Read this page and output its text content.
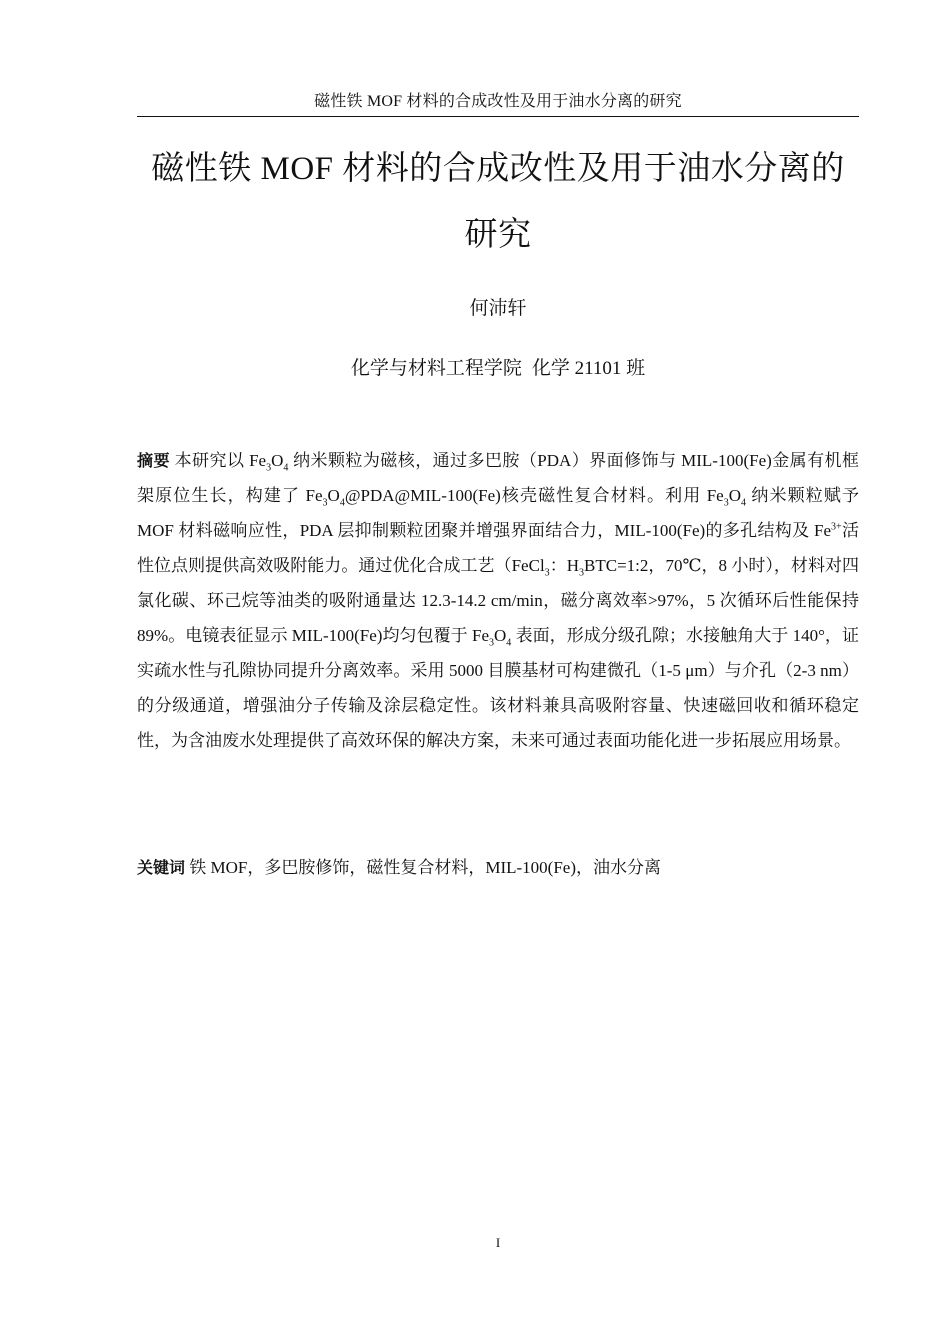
磁性铁 MOF 材料的合成改性及用于油水分离的研究
磁性铁 MOF 材料的合成改性及用于油水分离的
研究
何沛轩
化学与材料工程学院 化学 21101 班

摘要 本研究以 $Fe_3O_4$ 纳米颗粒为磁核，通过多巴胺（PDA）界面修饰与 MIL-100(Fe)金属有机框架原位生长，构建了 $Fe_3O_4@PDA@MIL-100(Fe)$核壳磁性复合材料。利用 $Fe_3O_4$ 纳米颗粒赋予 MOF 材料磁响应性，PDA 层抑制颗粒团聚并增强界面结合力，MIL-100(Fe)的多孔结构及 $Fe^{3+}$活性位点则提供高效吸附能力。通过优化合成工艺（FeCl$_3$：$H_3BTC=1:2$，70℃，8 小时），材料对四氯化碳、环己烷等油类的吸附通量达 12.3-14.2 cm/min，磁分离效率>97%，5 次循环后性能保持 89%。电镜表征显示 MIL-100(Fe)均匀包覆于 $Fe_3O_4$ 表面，形成分级孔隙；水接触角大于 140°，证实疏水性与孔隙协同提升分离效率。采用 5000 目膜基材可构建微孔（1-5 μm）与介孔（2-3 nm）的分级通道，增强油分子传输及涂层稳定性。该材料兼具高吸附容量、快速磁回收和循环稳定性，为含油废水处理提供了高效环保的解决方案，未来可通过表面功能化进一步拓展应用场景。

关键词 铁 MOF，多巴胺修饰，磁性复合材料，MIL-100(Fe)，油水分离

I
